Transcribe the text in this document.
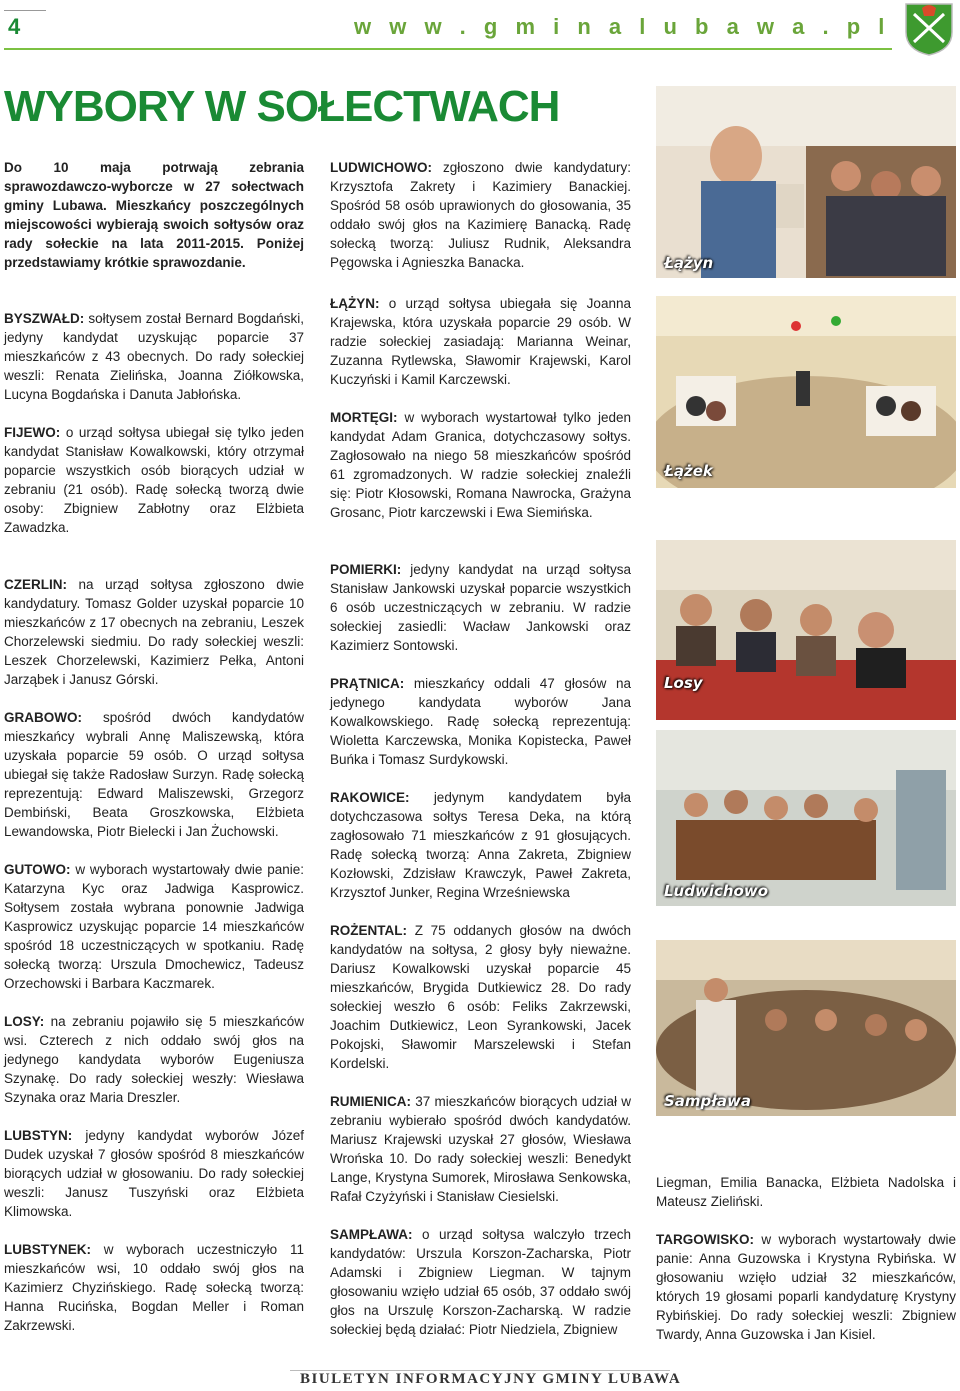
4	w w w . g m i n a l u b a w a . p l
WYBORY W SOŁECTWACH

Do 10 maja potrwają zebrania sprawozdawczo-wyborcze w 27 sołectwach gminy Lubawa. Mieszkańcy poszczególnych miejscowości wybierają swoich sołtysów oraz rady sołeckie na lata 2011-2015. Poniżej przedstawiamy krótkie sprawozdanie.

BYSZWAŁD: sołtysem został Bernard Bogdański, jedyny kandydat uzyskując poparcie 37 mieszkańców z 43 obecnych. Do rady sołeckiej weszli: Renata Zielińska, Joanna Ziółkowska, Lucyna Bogdańska i Danuta Jabłońska.

FIJEWO: o urząd sołtysa ubiegał się tylko jeden kandydat Stanisław Kowalkowski, który otrzymał poparcie wszystkich osób biorących udział w zebraniu (21 osób). Radę sołecką tworzą dwie osoby: Zbigniew Zabłotny oraz Elżbieta Zawadzka.

CZERLIN: na urząd sołtysa zgłoszono dwie kandydatury. Tomasz Golder uzyskał poparcie 10 mieszkańców z 17 obecnych na zebraniu, Leszek Chorzelewski siedmiu. Do rady sołeckiej weszli: Leszek Chorzelewski, Kazimierz Pełka, Antoni Jarząbek i Janusz Górski.

GRABOWO: spośród dwóch kandydatów mieszkańcy wybrali Annę Maliszewską, która uzyskała poparcie 59 osób. O urząd sołtysa ubiegał się także Radosław Surzyn. Radę sołecką reprezentują: Edward Maliszewski, Grzegorz Dembiński, Beata Groszkowska, Elżbieta Lewandowska, Piotr Bielecki i Jan Żuchowski.

GUTOWO: w wyborach wystartowały dwie panie: Katarzyna Kyc oraz Jadwiga Kasprowicz. Sołtysem została wybrana ponownie Jadwiga Kasprowicz uzyskując poparcie 14 mieszkańców spośród 18 uczestniczących w spotkaniu. Radę sołecką tworzą: Urszula Dmochewicz, Tadeusz Orzechowski i Barbara Kaczmarek.

LOSY: na zebraniu pojawiło się 5 mieszkańców wsi. Czterech z nich oddało swój głos na jedynego kandydata wyborów Eugeniusza Szynakę. Do rady sołeckiej weszły: Wiesława Szynaka oraz Maria Dreszler.

LUBSTYN: jedyny kandydat wyborów Józef Dudek uzyskał 7 głosów spośród 8 mieszkańców biorących udział w głosowaniu. Do rady sołeckiej weszli: Janusz Tuszyński oraz Elżbieta Klimowska.

LUBSTYNEK: w wyborach uczestniczyło 11 mieszkańców wsi, 10 oddało swój głos na Kazimierz Chyzińskiego. Radę sołecką tworzą: Hanna Rucińska, Bogdan Meller i Roman Zakrzewski.

LUDWICHOWO: zgłoszono dwie kandydatury: Krzysztofa Zakrety i Kazimiery Banackiej. Spośród 58 osób uprawionych do głosowania, 35 oddało swój głos na Kazimierę Banacką. Radę sołecką tworzą: Juliusz Rudnik, Aleksandra Pęgowska i Agnieszka Banacka.

ŁĄŻYN: o urząd sołtysa ubiegała się Joanna Krajewska, która uzyskała poparcie 29 osób. W radzie sołeckiej zasiadają: Marianna Weinar, Zuzanna Rytlewska, Sławomir Krajewski, Karol Kuczyński i Kamil Karczewski.

MORTĘGI: w wyborach wystartował tylko jeden kandydat Adam Granica, dotychczasowy sołtys. Zagłosowało na niego 58 mieszkańców spośród 61 zgromadzonych. W radzie sołeckiej znaleźli się: Piotr Kłosowski, Romana Nawrocka, Grażyna Grosanc, Piotr karczewski i Ewa Siemińska.

POMIERKI: jedyny kandydat na urząd sołtysa Stanisław Jankowski uzyskał poparcie wszystkich 6 osób uczestniczących w zebraniu. W radzie sołeckiej zasiedli: Wacław Jankowski oraz Kazimierz Sontowski.

PRĄTNICA: mieszkańcy oddali 47 głosów na jedynego kandydata wyborów Jana Kowalkowskiego. Radę sołecką reprezentują: Wioletta Karczewska, Monika Kopistecka, Paweł Buńka i Tomasz Surdykowski.

RAKOWICE: jedynym kandydatem była dotychczasowa sołtys Teresa Deka, na którą zagłosowało 71 mieszkańców z 91 głosujących. Radę sołecką tworzą: Anna Zakreta, Zbigniew Kozłowski, Zdzisław Krawczyk, Paweł Zakreta, Krzysztof Junker, Regina Wrześniewska

ROŻENTAL: Z 75 oddanych głosów na dwóch kandydatów na sołtysa, 2 głosy były nieważne. Dariusz Kowalkowski uzyskał poparcie 45 mieszkańców, Brygida Dutkiewicz 28. Do rady sołeckiej weszło 6 osób: Feliks Zakrzewski, Joachim Dutkiewicz, Leon Syrankowski, Jacek Pokojski, Sławomir Marszelewski i Stefan Kordelski.

RUMIENICA: 37 mieszkańców biorących udział w zebraniu wybierało spośród dwóch kandydatów. Mariusz Krajewski uzyskał 27 głosów, Wiesława Wrońska 10. Do rady sołeckiej weszli: Benedykt Lange, Krystyna Sumorek, Mirosława Senkowska, Rafał Czyżyński i Stanisław Ciesielski.

SAMPŁAWA: o urząd sołtysa walczyło trzech kandydatów: Urszula Korszon-Zacharska, Piotr Adamski i Zbigniew Liegman. W tajnym głosowaniu wzięło udział 65 osób, 37 oddało swój głos na Urszulę Korszon-Zacharską. W radzie sołeckiej będą działać: Piotr Niedziela, Zbigniew

Liegman, Emilia Banacka, Elżbieta Nadolska i Mateusz Zieliński.

TARGOWISKO: w wyborach wystartowały dwie panie: Anna Guzowska i Krystyna Rybińska. W głosowaniu wzięło udział 32 mieszkańców, których 19 głosami poparli kandydaturę Krystyny Rybińskiej. Do rady sołeckiej weszli: Zbigniew Twardy, Anna Guzowska i Jan Kisiel.

Łążyn
Łążek
Losy
Ludwichowo
Sampława
BIULETYN INFORMACYJNY GMINY LUBAWA
